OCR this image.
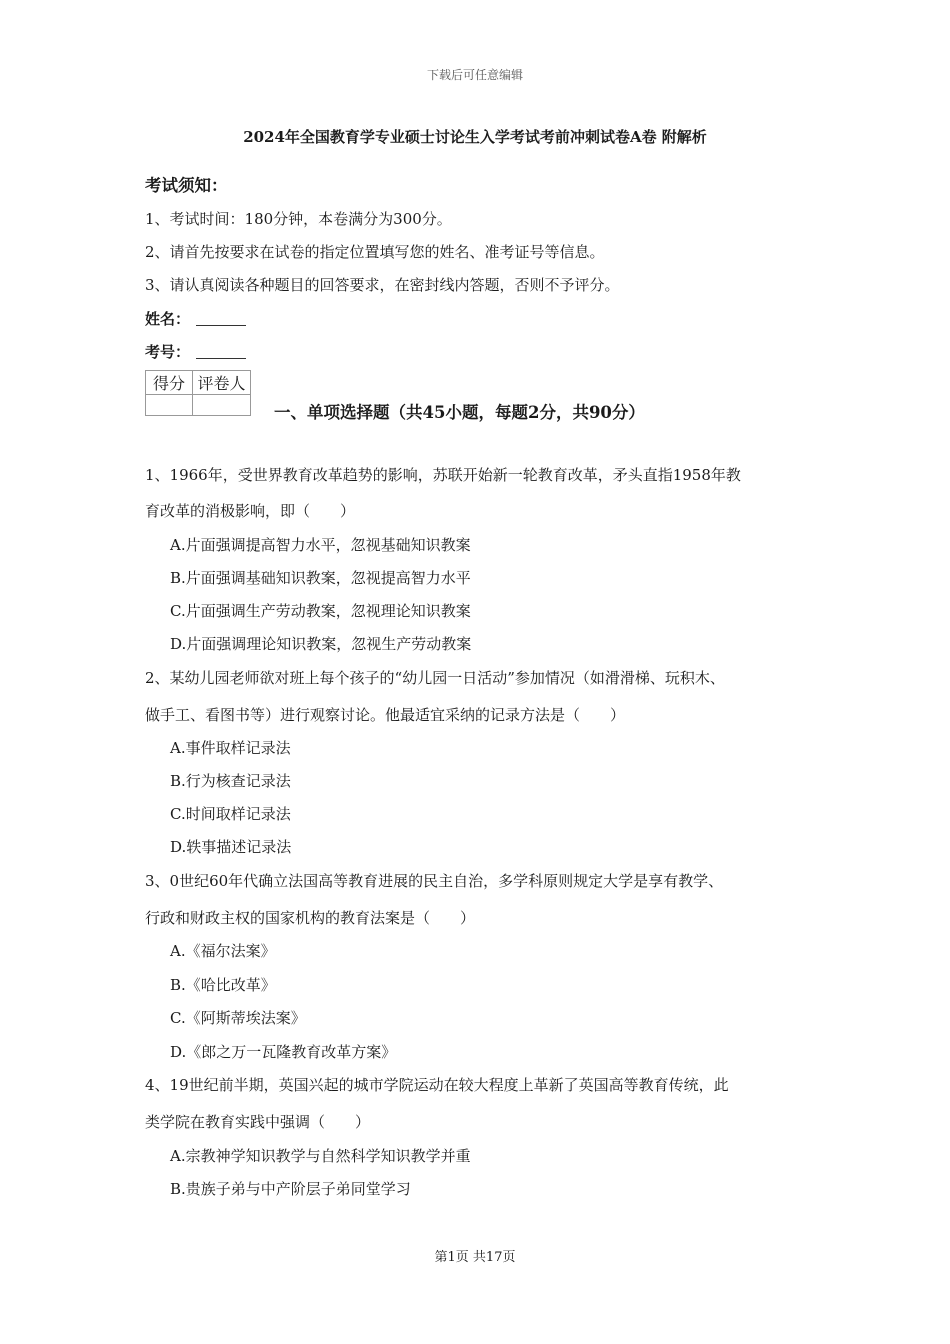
下载后可任意编辑
2024年全国教育学专业硕士讨论生入学考试考前冲刺试卷A卷 附解析
考试须知：
1、考试时间：180分钟，本卷满分为300分。
2、请首先按要求在试卷的指定位置填写您的姓名、准考证号等信息。
3、请认真阅读各种题目的回答要求，在密封线内答题，否则不予评分。
姓名：
考号：
得分	评卷人

一、单项选择题（共45小题，每题2分，共90分）
1、1966年，受世界教育改革趋势的影响，苏联开始新一轮教育改革，矛头直指1958年教
育改革的消极影响，即（　　）
A.片面强调提高智力水平，忽视基础知识教案
B.片面强调基础知识教案，忽视提高智力水平
C.片面强调生产劳动教案，忽视理论知识教案
D.片面强调理论知识教案，忽视生产劳动教案
2、某幼儿园老师欲对班上每个孩子的“幼儿园一日活动”参加情况（如滑滑梯、玩积木、
做手工、看图书等）进行观察讨论。他最适宜采纳的记录方法是（　　）
A.事件取样记录法
B.行为核查记录法
C.时间取样记录法
D.轶事描述记录法
3、0世纪60年代确立法国高等教育进展的民主自治，多学科原则规定大学是享有教学、
行政和财政主权的国家机构的教育法案是（　　）
A.《福尔法案》
B.《哈比改革》
C.《阿斯蒂埃法案》
D.《郎之万一瓦隆教育改革方案》
4、19世纪前半期，英国兴起的城市学院运动在较大程度上革新了英国高等教育传统，此
类学院在教育实践中强调（　　）
A.宗教神学知识教学与自然科学知识教学并重
B.贵族子弟与中产阶层子弟同堂学习
第1页 共17页
